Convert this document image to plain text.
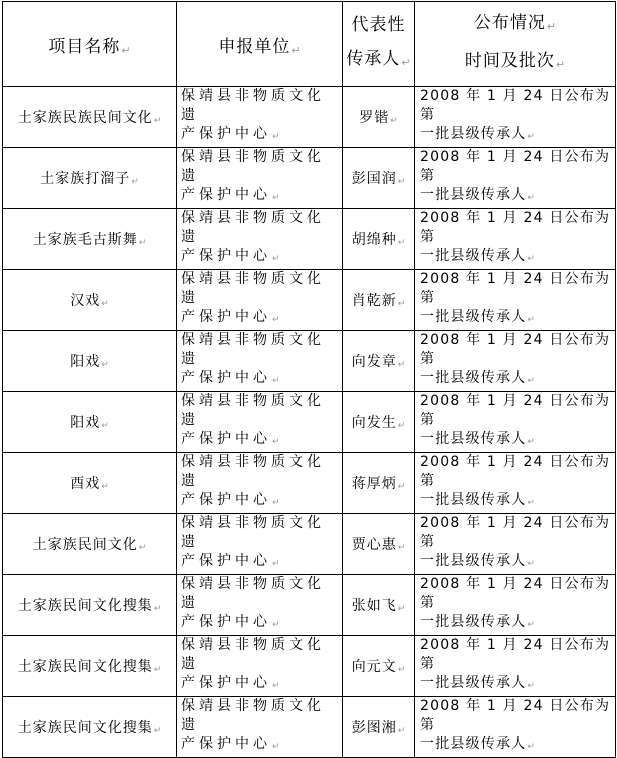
项目名称↵	申报单位↵	代表性
传承人↵	公布情况↵
时间及批次↵

土家族民族民间文化↵	保靖县非物质文化遗
产保护中心↵	罗锴↵	2008 年 1 月 24 日公布为第
一批县级传承人↵
土家族打溜子↵	保靖县非物质文化遗
产保护中心↵	彭国润↵	2008 年 1 月 24 日公布为第
一批县级传承人↵
土家族毛古斯舞↵	保靖县非物质文化遗
产保护中心↵	胡绵种↵	2008 年 1 月 24 日公布为第
一批县级传承人↵
汉戏↵	保靖县非物质文化遗
产保护中心↵	肖乾新↵	2008 年 1 月 24 日公布为第
一批县级传承人↵
阳戏↵	保靖县非物质文化遗
产保护中心↵	向发章↵	2008 年 1 月 24 日公布为第
一批县级传承人↵
阳戏↵	保靖县非物质文化遗
产保护中心↵	向发生↵	2008 年 1 月 24 日公布为第
一批县级传承人↵
酉戏↵	保靖县非物质文化遗
产保护中心↵	蒋厚炳↵	2008 年 1 月 24 日公布为第
一批县级传承人↵
土家族民间文化↵	保靖县非物质文化遗
产保护中心↵	贾心惠↵	2008 年 1 月 24 日公布为第
一批县级传承人↵
土家族民间文化搜集↵	保靖县非物质文化遗
产保护中心↵	张如飞↵	2008 年 1 月 24 日公布为第
一批县级传承人↵
土家族民间文化搜集↵	保靖县非物质文化遗
产保护中心↵	向元文↵	2008 年 1 月 24 日公布为第
一批县级传承人↵
土家族民间文化搜集↵	保靖县非物质文化遗
产保护中心↵	彭图湘↵	2008 年 1 月 24 日公布为第
一批县级传承人↵
